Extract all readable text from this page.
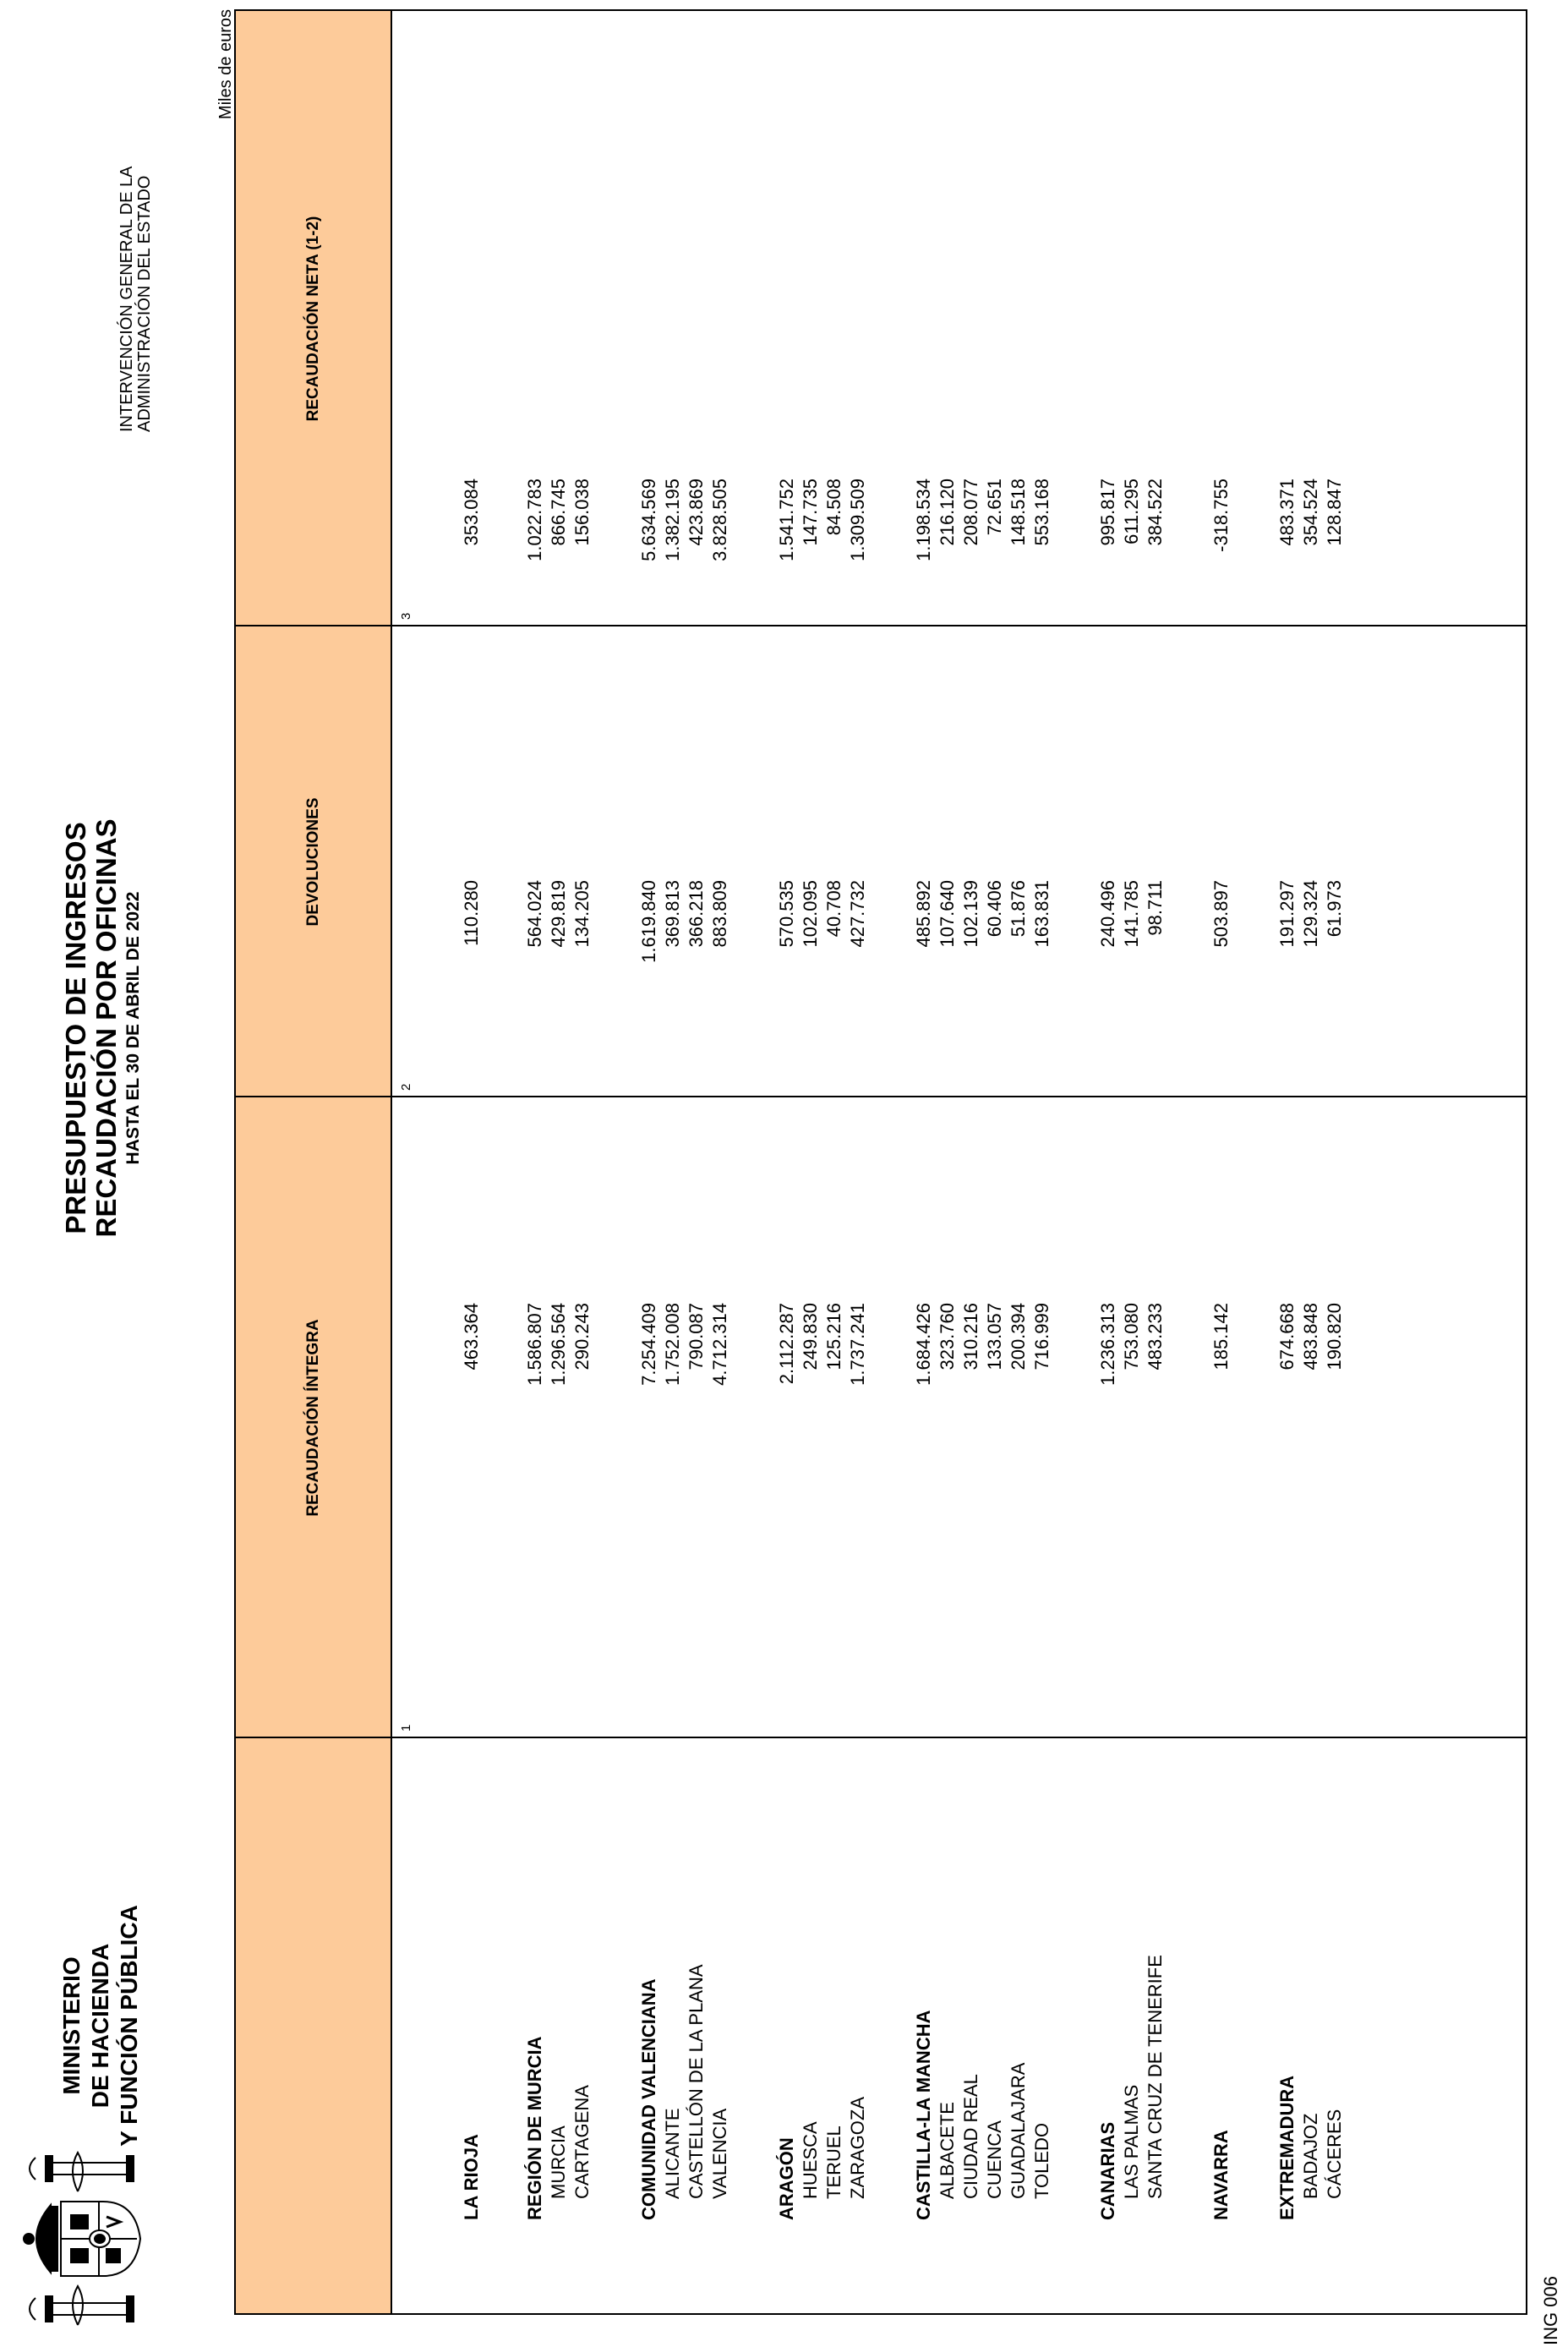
MINISTERIO DE HACIENDA Y FUNCIÓN PÚBLICA
PRESUPUESTO DE INGRESOS RECAUDACIÓN POR OFICINAS HASTA EL 30 DE ABRIL DE 2022
INTERVENCIÓN GENERAL DE LA ADMINISTRACIÓN DEL ESTADO
Miles de euros
RECAUDACIÓN ÍNTEGRA
DEVOLUCIONES
RECAUDACIÓN NETA (1-2)
1
2
3
LA RIOJA
463.364
110.280
353.084
REGIÓN DE MURCIA
1.586.807
564.024
1.022.783
MURCIA
1.296.564
429.819
866.745
CARTAGENA
290.243
134.205
156.038
COMUNIDAD VALENCIANA
7.254.409
1.619.840
5.634.569
ALICANTE
1.752.008
369.813
1.382.195
CASTELLÓN DE LA PLANA
790.087
366.218
423.869
VALENCIA
4.712.314
883.809
3.828.505
ARAGÓN
2.112.287
570.535
1.541.752
HUESCA
249.830
102.095
147.735
TERUEL
125.216
40.708
84.508
ZARAGOZA
1.737.241
427.732
1.309.509
CASTILLA-LA MANCHA
1.684.426
485.892
1.198.534
ALBACETE
323.760
107.640
216.120
CIUDAD REAL
310.216
102.139
208.077
CUENCA
133.057
60.406
72.651
GUADALAJARA
200.394
51.876
148.518
TOLEDO
716.999
163.831
553.168
CANARIAS
1.236.313
240.496
995.817
LAS PALMAS
753.080
141.785
611.295
SANTA CRUZ DE TENERIFE
483.233
98.711
384.522
NAVARRA
185.142
503.897
-318.755
EXTREMADURA
674.668
191.297
483.371
BADAJOZ
483.848
129.324
354.524
CÁCERES
190.820
61.973
128.847
ING 006
